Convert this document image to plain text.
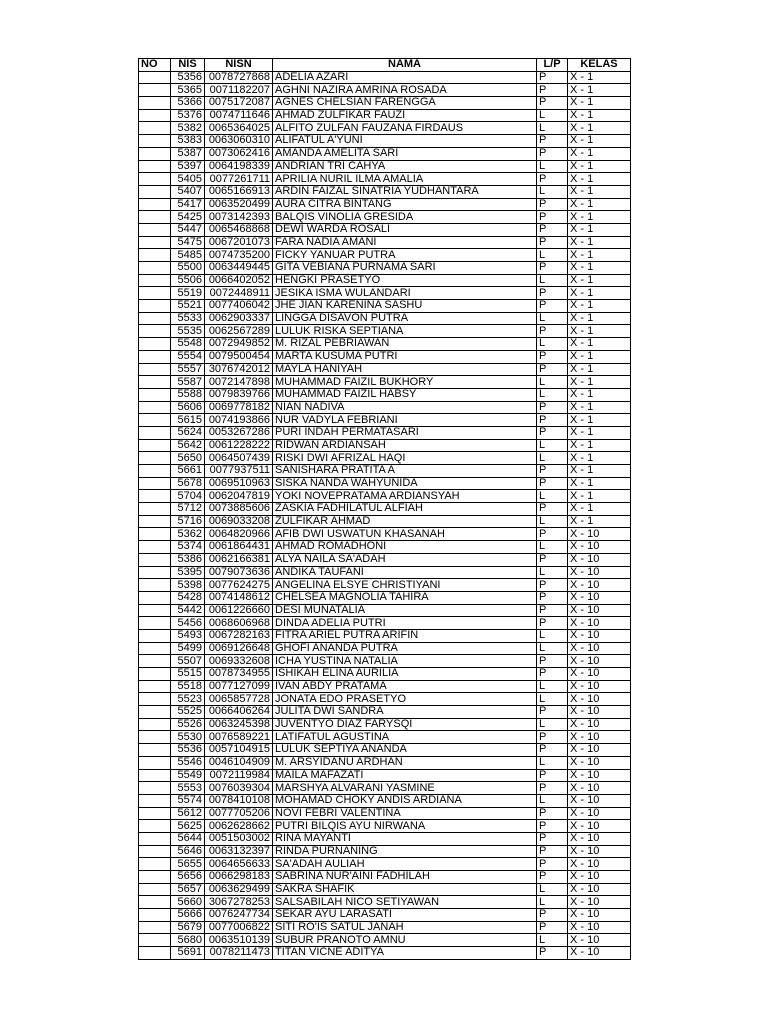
NO	NIS	NISN	NAMA	L/P	KELAS
	5356	0078727868	ADELIA AZARI	P	X - 1
	5365	0071182207	AGHNI NAZIRA AMRINA ROSADA	P	X - 1
	5366	0075172087	AGNES CHELSIAN FARENGGA	P	X - 1
	5376	0074711646	AHMAD ZULFIKAR FAUZI	L	X - 1
	5382	0065364025	ALFITO ZULFAN FAUZANA FIRDAUS	L	X - 1
	5383	0063060310	ALIFATUL A'YUNI	P	X - 1
	5387	0073062416	AMANDA AMELITA SARI	P	X - 1
	5397	0064198339	ANDRIAN TRI CAHYA	L	X - 1
	5405	0077261711	APRILIA NURIL ILMA AMALIA	P	X - 1
	5407	0065166913	ARDIN FAIZAL SINATRIA YUDHANTARA	L	X - 1
	5417	0063520499	AURA CITRA BINTANG	P	X - 1
	5425	0073142393	BALQIS VINOLIA GRESIDA	P	X - 1
	5447	0065468868	DEWI WARDA ROSALI	P	X - 1
	5475	0067201073	FARA NADIA AMANI	P	X - 1
	5485	0074735200	FICKY YANUAR PUTRA	L	X - 1
	5500	0063449445	GITA VEBIANA PURNAMA SARI	P	X - 1
	5506	0066402052	HENGKI PRASETYO	L	X - 1
	5519	0072448911	JESIKA ISMA WULANDARI	P	X - 1
	5521	0077406042	JHE JIAN KARENINA SASHU	P	X - 1
	5533	0062903337	LINGGA DISAVON PUTRA	L	X - 1
	5535	0062567289	LULUK RISKA SEPTIANA	P	X - 1
	5548	0072949852	M. RIZAL PEBRIAWAN	L	X - 1
	5554	0079500454	MARTA KUSUMA PUTRI	P	X - 1
	5557	3076742012	MAYLA HANIYAH	P	X - 1
	5587	0072147898	MUHAMMAD FAIZIL BUKHORY	L	X - 1
	5588	0079839766	MUHAMMAD FAIZIL HABSY	L	X - 1
	5606	0069778182	NIAN NADIVA	P	X - 1
	5615	0074193866	NUR VADYLA FEBRIANI	P	X - 1
	5624	0053267286	PURI INDAH PERMATASARI	P	X - 1
	5642	0061228222	RIDWAN ARDIANSAH	L	X - 1
	5650	0064507439	RISKI DWI AFRIZAL HAQI	L	X - 1
	5661	0077937511	SANISHARA PRATITA A	P	X - 1
	5678	0069510963	SISKA NANDA WAHYUNIDA	P	X - 1
	5704	0062047819	YOKI NOVEPRATAMA ARDIANSYAH	L	X - 1
	5712	0073885606	ZASKIA FADHILATUL ALFIAH	P	X - 1
	5716	0069033208	ZULFIKAR AHMAD	L	X - 1
	5362	0064820966	AFIB DWI USWATUN KHASANAH	P	X - 10
	5374	0061864431	AHMAD ROMADHONI	L	X - 10
	5386	0062166381	ALYA NAILA SA'ADAH	P	X - 10
	5395	0079073636	ANDIKA TAUFANI	L	X - 10
	5398	0077624275	ANGELINA ELSYE CHRISTIYANI	P	X - 10
	5428	0074148612	CHELSEA MAGNOLIA TAHIRA	P	X - 10
	5442	0061226660	DESI MUNATALIA	P	X - 10
	5456	0068606968	DINDA ADELIA PUTRI	P	X - 10
	5493	0067282163	FITRA ARIEL PUTRA ARIFIN	L	X - 10
	5499	0069126648	GHOFI ANANDA PUTRA	L	X - 10
	5507	0069332608	ICHA YUSTINA NATALIA	P	X - 10
	5515	0078734955	ISHIKAH ELINA AURILIA	P	X - 10
	5518	0077127099	IVAN ABDY PRATAMA	L	X - 10
	5523	0065857728	JONATA EDO PRASETYO	L	X - 10
	5525	0066406264	JULITA DWI SANDRA	P	X - 10
	5526	0063245398	JUVENTYO DIAZ FARYSQI	L	X - 10
	5530	0076589221	LATIFATUL AGUSTINA	P	X - 10
	5536	0057104915	LULUK SEPTIYA ANANDA	P	X - 10
	5546	0046104909	M. ARSYIDANU ARDHAN	L	X - 10
	5549	0072119984	MAILA MAFAZATI	P	X - 10
	5553	0076039304	MARSHYA ALVARANI YASMINE	P	X - 10
	5574	0078410108	MOHAMAD CHOKY ANDIS ARDIANA	L	X - 10
	5612	0077705206	NOVI FEBRI VALENTINA	P	X - 10
	5625	0062628662	PUTRI BILQIS AYU NIRWANA	P	X - 10
	5644	0051503002	RINA MAYANTI	P	X - 10
	5646	0063132397	RINDA PURNANING	P	X - 10
	5655	0064656633	SA'ADAH AULIAH	P	X - 10
	5656	0066298183	SABRINA NUR'AINI FADHILAH	P	X - 10
	5657	0063629499	SAKRA SHAFIK	L	X - 10
	5660	3067278253	SALSABILAH NICO SETIYAWAN	L	X - 10
	5666	0076247734	SEKAR AYU LARASATI	P	X - 10
	5679	0077006822	SITI RO'IS SATUL JANAH	P	X - 10
	5680	0063510139	SUBUR PRANOTO AMNU	L	X - 10
	5691	0078211473	TITAN VICNE ADITYA	P	X - 10
